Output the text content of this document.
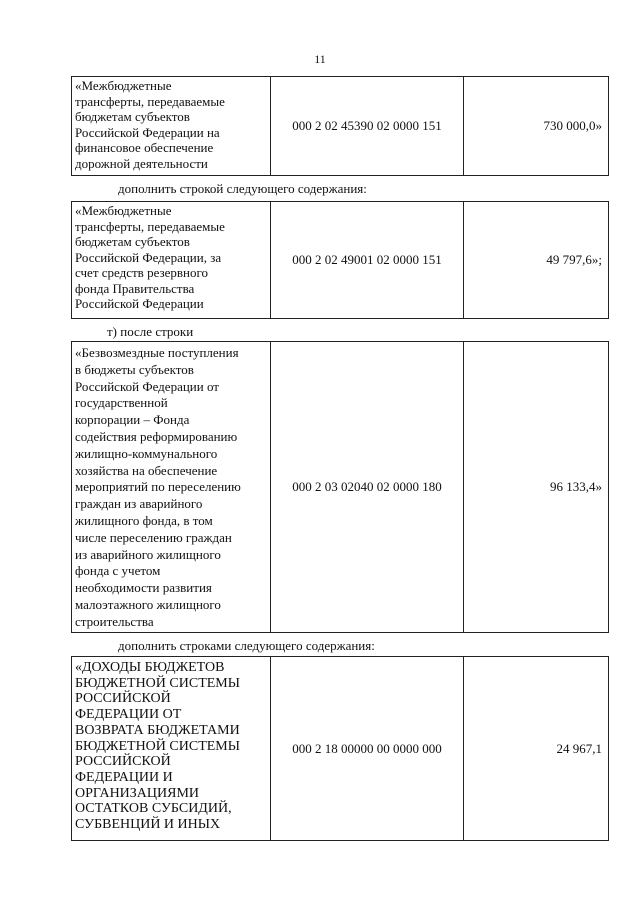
11
«Межбюджетные
трансферты, передаваемые
бюджетам субъектов
Российской Федерации на
финансовое обеспечение
дорожной деятельности
000 2 02 45390 02 0000 151	730 000,0»
дополнить строкой следующего содержания:
«Межбюджетные
трансферты, передаваемые
бюджетам субъектов
Российской Федерации, за
счет средств резервного
фонда Правительства
Российской Федерации
000 2 02 49001 02 0000 151	49 797,6»;
т) после строки
«Безвозмездные поступления
в бюджеты субъектов
Российской Федерации от
государственной
корпорации – Фонда
содействия реформированию
жилищно-коммунального
хозяйства на обеспечение
мероприятий по переселению
граждан из аварийного
жилищного фонда, в том
числе переселению граждан
из аварийного жилищного
фонда с учетом
необходимости развития
малоэтажного жилищного
строительства
000 2 03 02040 02 0000 180	96 133,4»
дополнить строками следующего содержания:
«ДОХОДЫ БЮДЖЕТОВ
БЮДЖЕТНОЙ СИСТЕМЫ
РОССИЙСКОЙ
ФЕДЕРАЦИИ ОТ
ВОЗВРАТА БЮДЖЕТАМИ
БЮДЖЕТНОЙ СИСТЕМЫ
РОССИЙСКОЙ
ФЕДЕРАЦИИ И
ОРГАНИЗАЦИЯМИ
ОСТАТКОВ СУБСИДИЙ,
СУБВЕНЦИЙ И ИНЫХ
000 2 18 00000 00 0000 000	24 967,1
